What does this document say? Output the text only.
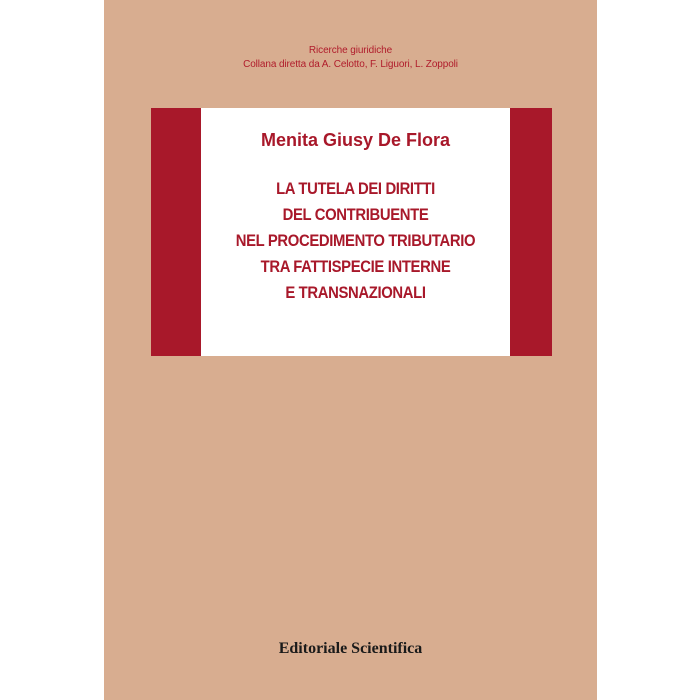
Ricerche giuridiche
Collana diretta da A. Celotto, F. Liguori, L. Zoppoli
Menita Giusy De Flora
LA TUTELA DEI DIRITTI
DEL CONTRIBUENTE
NEL PROCEDIMENTO TRIBUTARIO
TRA FATTISPECIE INTERNE
E TRANSNAZIONALI
Editoriale Scientifica
